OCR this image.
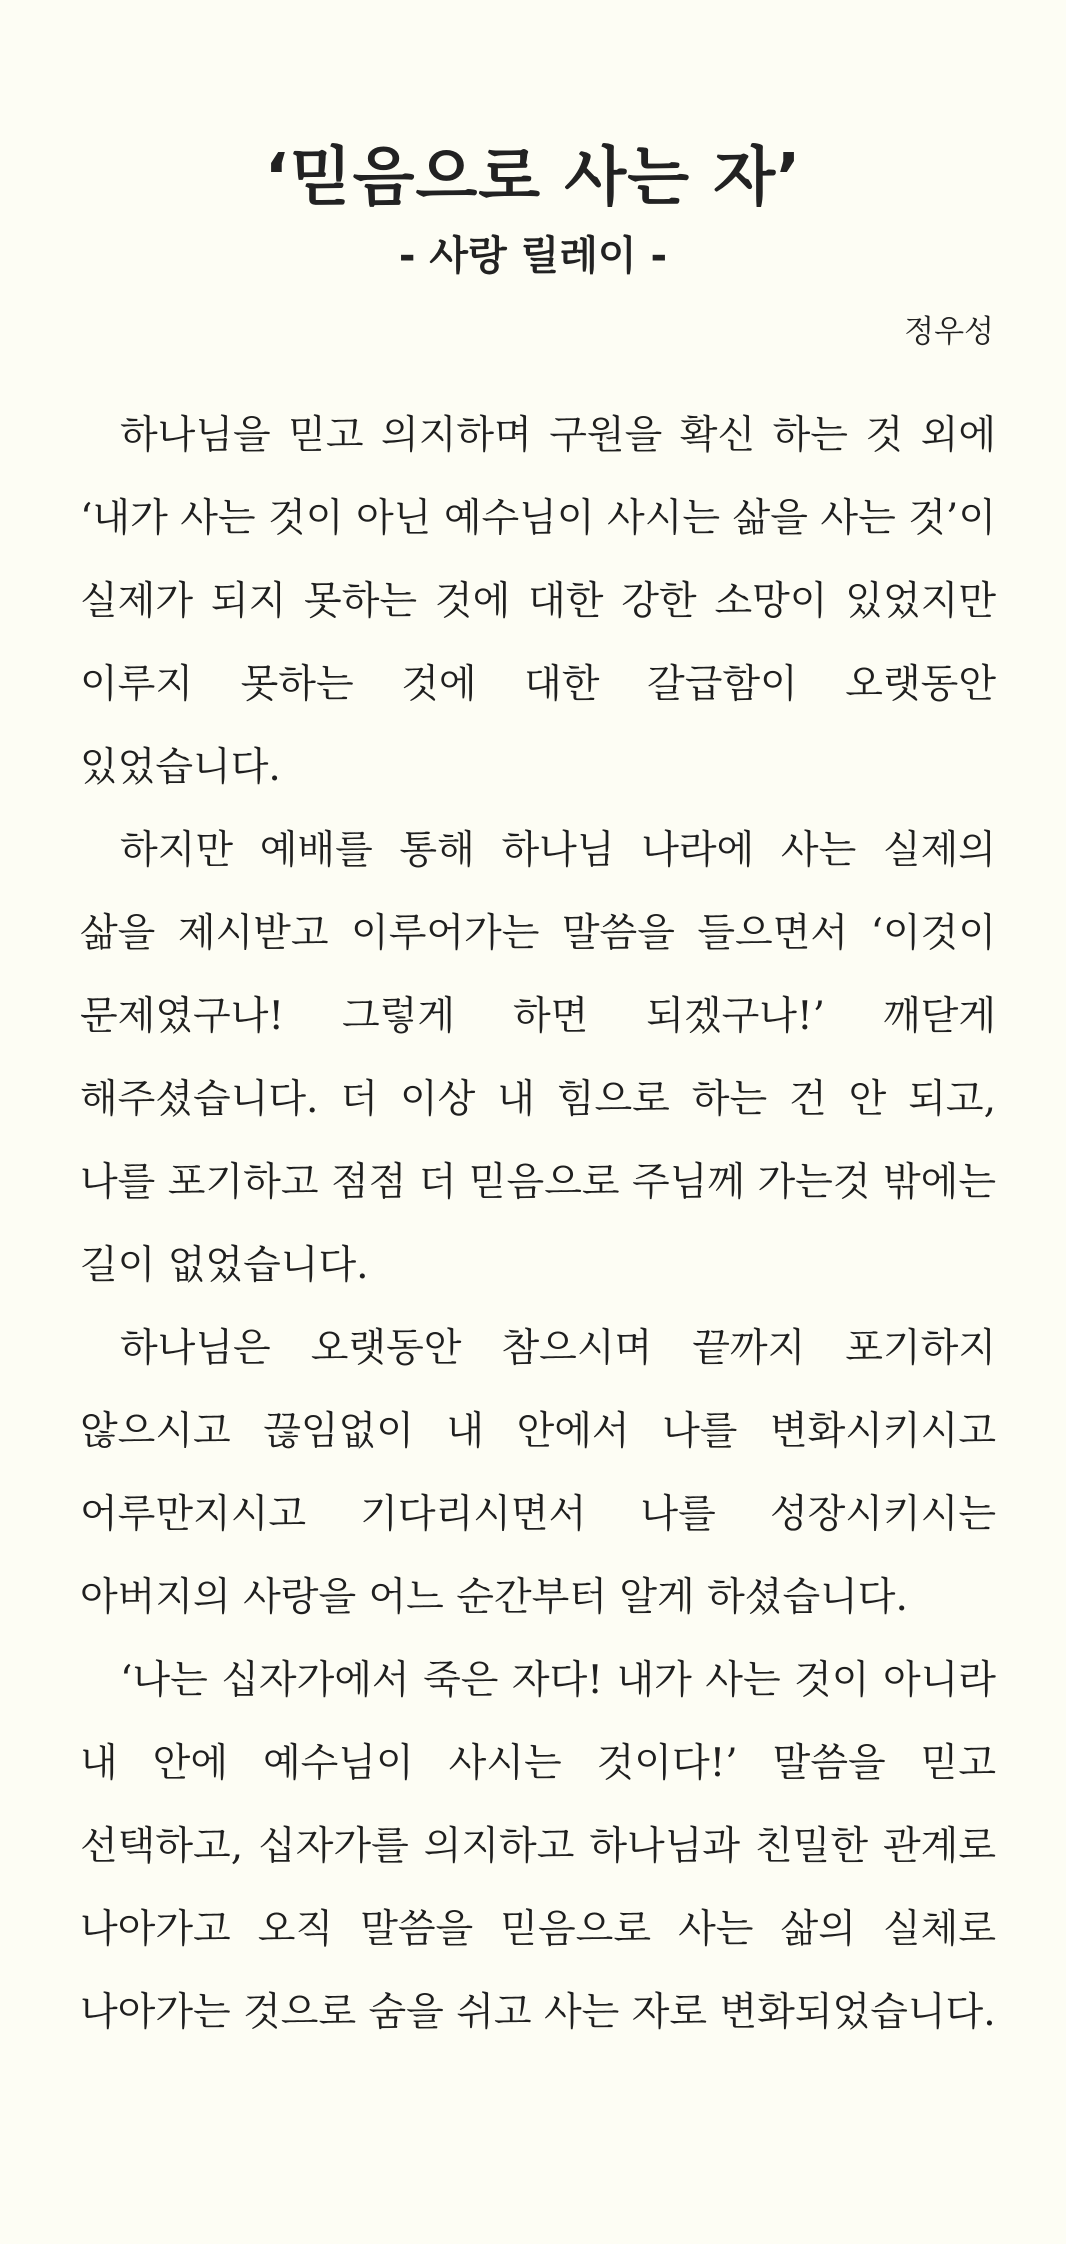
‘믿음으로 사는 자’
- 사랑 릴레이 -
정우성

하나님을 믿고 의지하며 구원을 확신 하는 것 외에 ‘내가 사는 것이 아닌 예수님이 사시는 삶을 사는 것’이 실제가 되지 못하는 것에 대한 강한 소망이 있었지만 이루지 못하는 것에 대한 갈급함이 오랫동안 있었습니다.

하지만 예배를 통해 하나님 나라에 사는 실제의 삶을 제시받고 이루어가는 말씀을 들으면서 ‘이것이 문제였구나! 그렇게 하면 되겠구나!’ 깨닫게 해주셨습니다. 더 이상 내 힘으로 하는 건 안 되고, 나를 포기하고 점점 더 믿음으로 주님께 가는것 밖에는 길이 없었습니다.

하나님은 오랫동안 참으시며 끝까지 포기하지 않으시고 끊임없이 내 안에서 나를 변화시키시고 어루만지시고 기다리시면서 나를 성장시키시는 아버지의 사랑을 어느 순간부터 알게 하셨습니다.

‘나는 십자가에서 죽은 자다! 내가 사는 것이 아니라 내 안에 예수님이 사시는 것이다!’ 말씀을 믿고 선택하고, 십자가를 의지하고 하나님과 친밀한 관계로 나아가고 오직 말씀을 믿음으로 사는 삶의 실체로 나아가는 것으로 숨을 쉬고 사는 자로 변화되었습니다.
